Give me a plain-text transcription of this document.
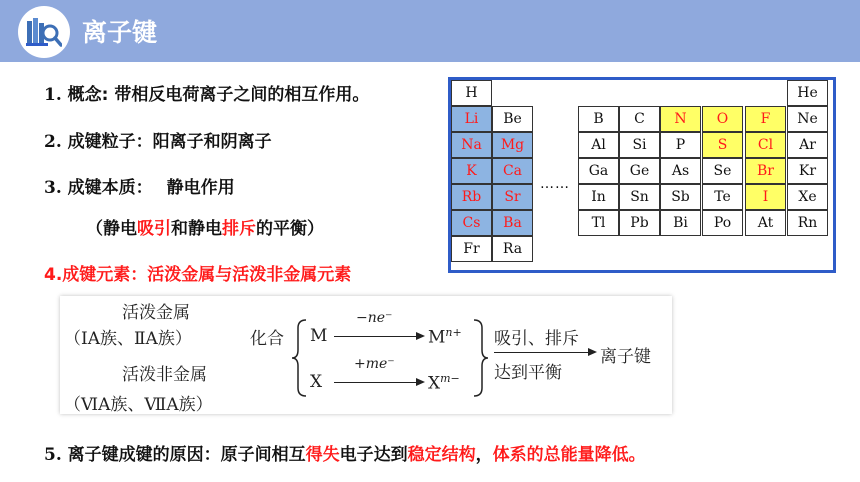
离子键
1. 概念: 带相反电荷离子之间的相互作用。
2. 成键粒子：阳离子和阴离子
3. 成键本质： 静电作用
（静电吸引和静电排斥的平衡）
4.成键元素：活泼金属与活泼非金属元素
5. 离子键成键的原因：原子间相互得失电子达到稳定结构，体系的总能量降低。
H	He
Li	Be	B	C	N	O	F	Ne
Na	Mg	Al	Si	P	S	Cl	Ar
K	Ca	Ga	Ge	As	Se	Br	Kr
Rb	Sr	In	Sn	Sb	Te	I	Xe
Cs	Ba	Tl	Pb	Bi	Po	At	Rn
Fr	Ra
……
活泼金属
（ⅠA族、ⅡA族）	化合
活泼非金属
（ⅥA族、ⅦA族）
M
−ne⁻
$M^{n+}$
X
+me⁻
$X^{m-}$
吸引、排斥
达到平衡
离子键
